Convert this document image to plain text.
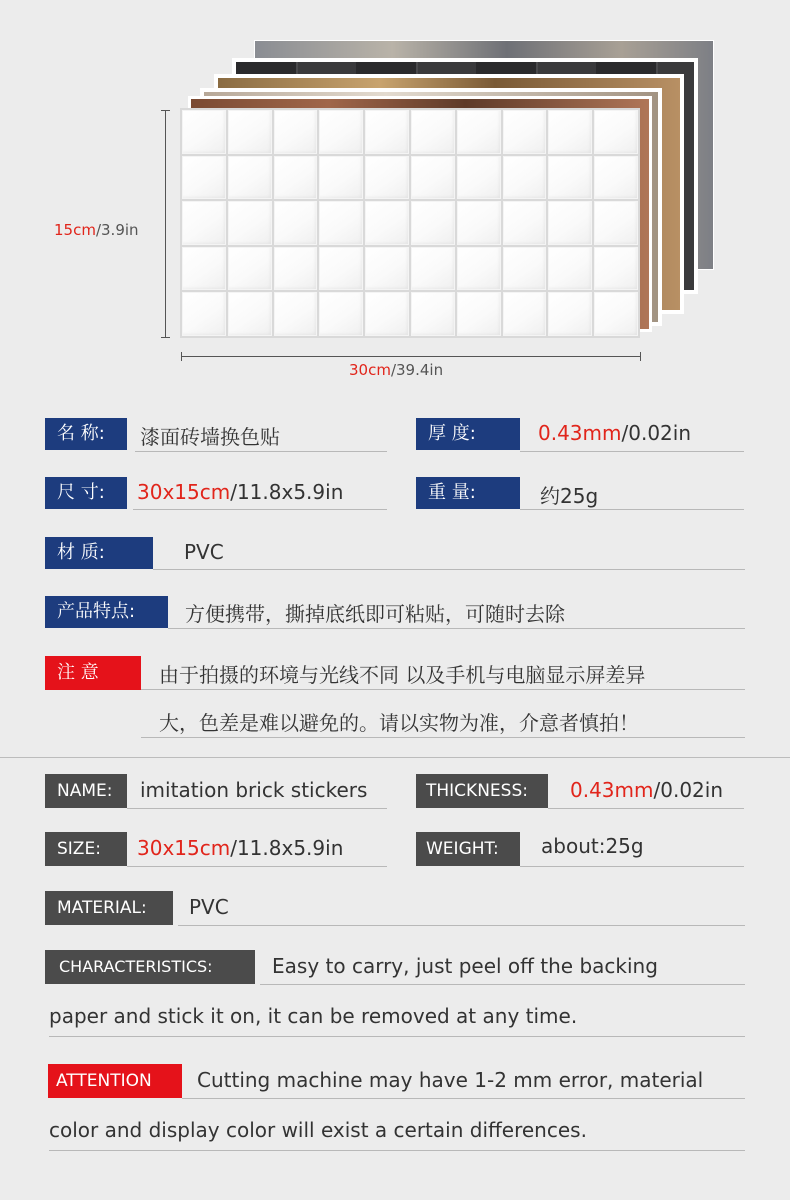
15cm/3.9in
30cm/39.4in
名 称:	漆面砖墙换色贴	厚 度:	0.43mm/0.02in
尺 寸:	30x15cm/11.8x5.9in	重 量:	约25g
材 质:	PVC
产品特点:	方便携带，撕掉底纸即可粘贴，可随时去除
注 意	由于拍摄的环境与光线不同 以及手机与电脑显示屏差异
大，色差是难以避免的。请以实物为准，介意者慎拍！
NAME:	imitation brick stickers	THICKNESS:	0.43mm/0.02in
SIZE:	30x15cm/11.8x5.9in	WEIGHT:	about:25g
MATERIAL:	PVC
CHARACTERISTICS:	Easy to carry, just peel off the backing
paper and stick it on, it can be removed at any time.
ATTENTION	Cutting machine may have 1-2 mm error, material
color and display color will exist a certain differences.
